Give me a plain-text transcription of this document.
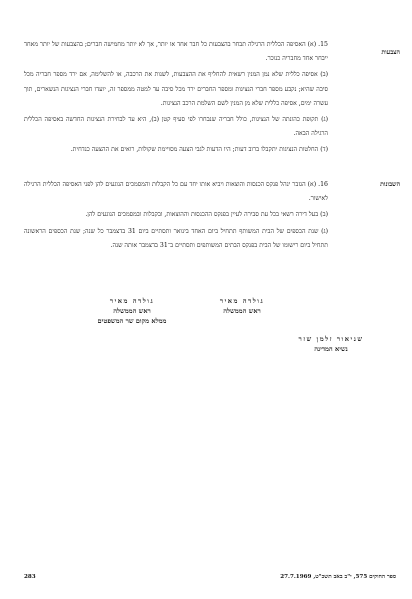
הצבעות
השבונות

15. (א) האסיפה הכללית הרגילה תבחר בהצבעות כל חבר אחד או יותר, אך לא יותר מחמישה חברים; בהצבעות של יותר מאחד ייבחר אחד מחבריה כנוכר.

(ב) אסיפה כללית שלא נמן המנין רשאית להחליף את ההצבעות, לשנות את הרכבה, או להשלימה, אם ירד מספר חבריה מכל סיבה שהיא; נקבע מספר חברי הנציגות ומספר החברים ירד מכל סיבה עד למטה ממספר זה, יועדו חברי הנציגות הנשארים, תוך עשרה ימים, אסיפה כללית שלא מן המנין לשם השלמת הרכב הנציגות.

(ג) תקופת כהונתה של הנציגות, כולל חבריה שנבחרו לפי סעיף קטן (ב), היא עד לבחירת הנציגות החדשה באסיפה הכללית הרגילה הבאה.

(ד) החלטות הנציגות יתקבלו ברוב דעות; היו הדעות לגבי הצעה מסויימת שקולות, רואים את ההצעה כנדחית.

16. (א) הגזבר ינהל פנקס הכנסות והוצאות ויביא אותו יחד עם כל הקבלות והמסמכים הנוגעים להן לפני האסיפה הכללית הרגילה לאישור.

(ב) בעל דירה רשאי בכל עת סבירה לעיין בפנקס ההכנסות וההוצאות, ובקבלות ובמסמכים הנוגעים להן.

(ג) שנת הכספים של הבית המשותף תתחיל ביום האחד בינואר ותסתיים ביום 31 בדצמבר כל שנה; שנת הכספים הראשונה תתחיל ביום רישומו של הבית בפנקס הבתים המשותפים ותסתיים ב־31 בדצמבר אותה שנה.

גולדה מאיר
ראש הממשלה
ממלא מקום שר המשפטים
גולדה מאיר
ראש הממשלה
שניאור זלמן שזר
נשיא המדינה
283	ספר החוקים 575, י"ב באב תשכ"ט, 27.7.1969
